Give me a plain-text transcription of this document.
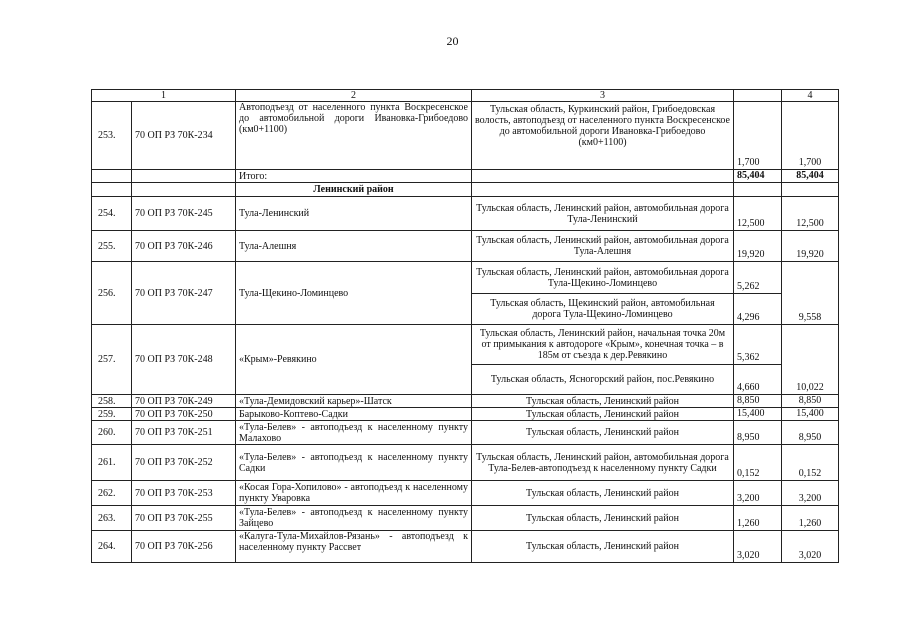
20
1		2	3		4
253.	70 ОП РЗ 70К-234	Автоподъезд от населенного пункта Воскресенское до автомобильной дороги Ивановка-Грибоедово (км0+1100)	Тульская область, Куркинский район, Грибоедовская волость, автоподъезд от населенного пункта Воскресенское до автомобильной дороги Ивановка-Грибоедово (км0+1100)	1,700	1,700
		Итого:		85,404	85,404
		Ленинский район			
254.	70 ОП РЗ 70К-245	Тула-Ленинский	Тульская область, Ленинский район, автомобильная дорога Тула-Ленинский	12,500	12,500
255.	70 ОП РЗ 70К-246	Тула-Алешня	Тульская область, Ленинский район, автомобильная дорога Тула-Алешня	19,920	19,920
256.	70 ОП РЗ 70К-247	Тула-Щекино-Ломинцево	Тульская область, Ленинский район, автомобильная дорога Тула-Щекино-Ломинцево	5,262	9,558
			Тульская область, Щекинский район, автомобильная дорога Тула-Щекино-Ломинцево	4,296	
257.	70 ОП РЗ 70К-248	«Крым»-Ревякино	Тульская область, Ленинский район, начальная точка 20м от примыкания к автодороге «Крым», конечная точка – в 185м от съезда к дер.Ревякино	5,362	10,022
			Тульская область, Ясногорский район, пос.Ревякино	4,660	
258.	70 ОП РЗ 70К-249	«Тула-Демидовский карьер»-Шатск	Тульская область, Ленинский район	8,850	8,850
259.	70 ОП РЗ 70К-250	Барыково-Коптево-Садки	Тульская область, Ленинский район	15,400	15,400
260.	70 ОП РЗ 70К-251	«Тула-Белев» - автоподъезд к населенному пункту Малахово	Тульская область, Ленинский район	8,950	8,950
261.	70 ОП РЗ 70К-252	«Тула-Белев» - автоподъезд к населенному пункту Садки	Тульская область, Ленинский район, автомобильная дорога Тула-Белев-автоподъезд к населенному пункту Садки	0,152	0,152
262.	70 ОП РЗ 70К-253	«Косая Гора-Хопилово» - автоподъезд к населенному пункту Уваровка	Тульская область, Ленинский район	3,200	3,200
263.	70 ОП РЗ 70К-255	«Тула-Белев» - автоподъезд к населенному пункту Зайцево	Тульская область, Ленинский район	1,260	1,260
264.	70 ОП РЗ 70К-256	«Калуга-Тула-Михайлов-Рязань» - автоподъезд к населенному пункту Рассвет	Тульская область, Ленинский район	3,020	3,020
